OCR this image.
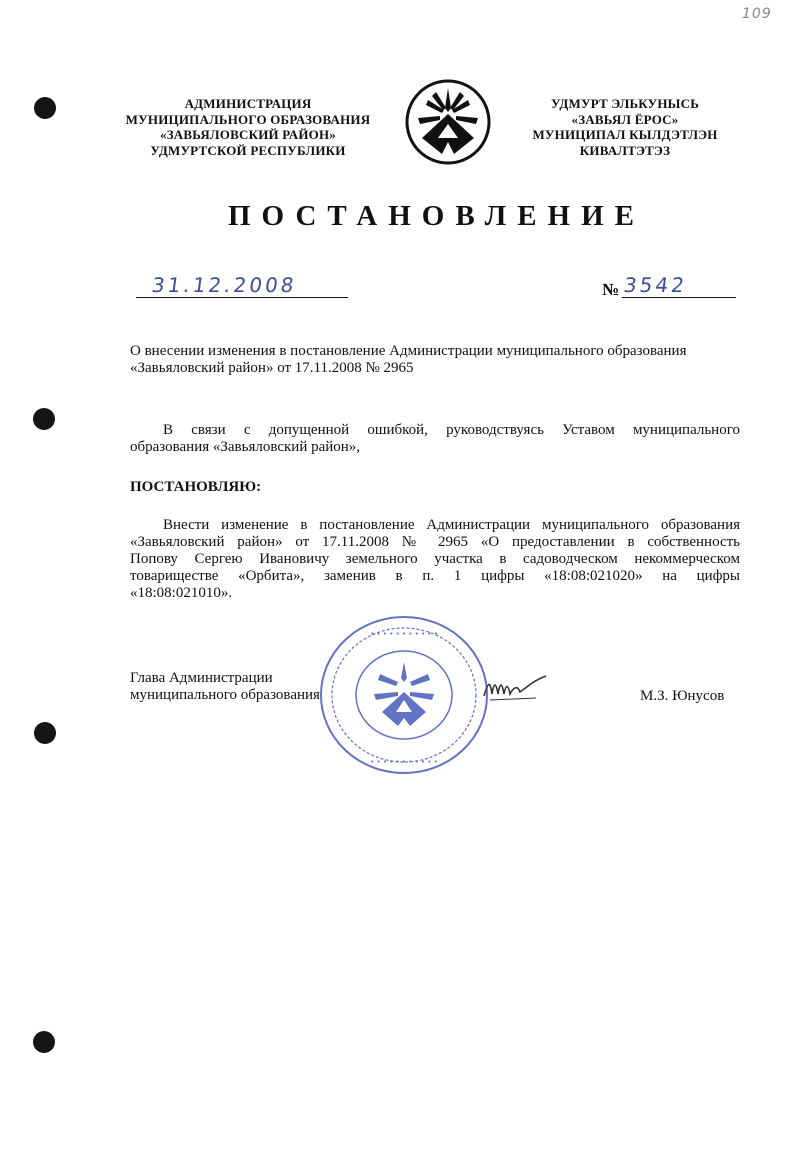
109
АДМИНИСТРАЦИЯ
МУНИЦИПАЛЬНОГО ОБРАЗОВАНИЯ
«ЗАВЬЯЛОВСКИЙ РАЙОН»
УДМУРТСКОЙ РЕСПУБЛИКИ
УДМУРТ ЭЛЬКУНЫСЬ
«ЗАВЬЯЛ ЁРОС»
МУНИЦИПАЛ КЫЛДЭТЛЭН
КИВАЛТЭТЭЗ
ПОСТАНОВЛЕНИЕ
31.12.2008	№ 3542
О внесении изменения в постановление Администрации муниципального образования
«Завьяловский район» от 17.11.2008 № 2965
В связи с допущенной ошибкой, руководствуясь Уставом муниципального
образования «Завьяловский район»,
ПОСТАНОВЛЯЮ:
Внести изменение в постановление Администрации муниципального образования
«Завьяловский район» от 17.11.2008 № 2965 «О предоставлении в собственность
Попову Сергею Ивановичу земельного участка в садоводческом некоммерческом
товариществе «Орбита», заменив в п. 1 цифры «18:08:021020» на цифры
«18:08:021010».
• • • • • • • • • • •
• • • • • • • • • • •
Глава Администрации
муниципального образования	М.З. Юнусов
